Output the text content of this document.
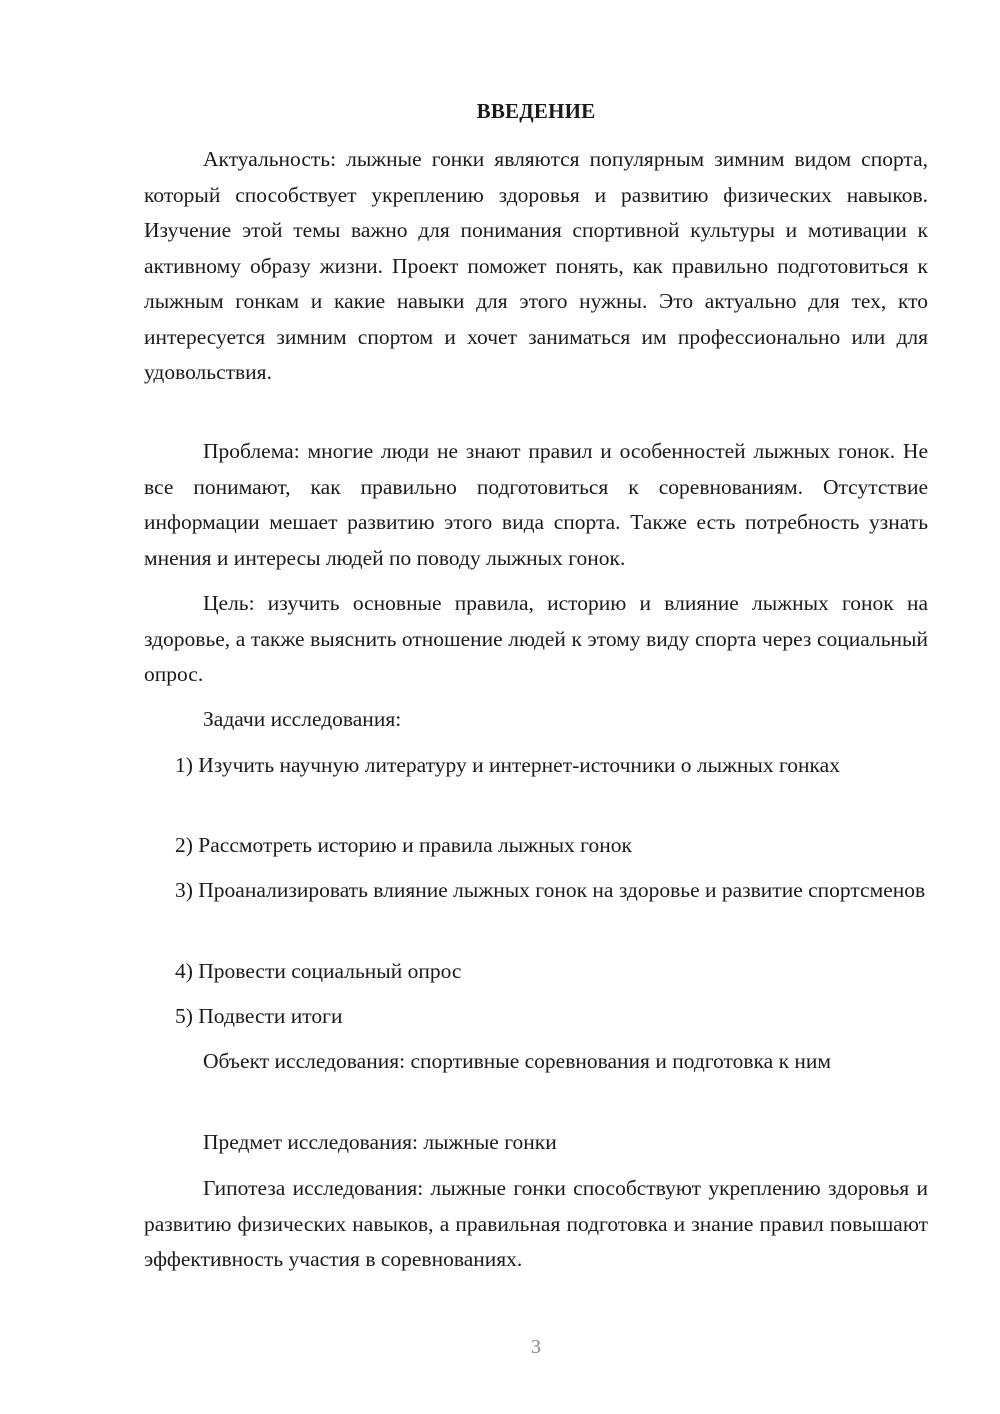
ВВЕДЕНИЕ

Актуальность: лыжные гонки являются популярным зимним видом спорта, который способствует укреплению здоровья и развитию физических навыков. Изучение этой темы важно для понимания спортивной культуры и мотивации к активному образу жизни. Проект поможет понять, как правильно подготовиться к лыжным гонкам и какие навыки для этого нужны. Это актуально для тех, кто интересуется зимним спортом и хочет заниматься им профессионально или для удовольствия.

Проблема: многие люди не знают правил и особенностей лыжных гонок. Не все понимают, как правильно подготовиться к соревнованиям. Отсутствие информации мешает развитию этого вида спорта. Также есть потребность узнать мнения и интересы людей по поводу лыжных гонок.

Цель: изучить основные правила, историю и влияние лыжных гонок на здоровье, а также выяснить отношение людей к этому виду спорта через социальный опрос.

Задачи исследования:

1) Изучить научную литературу и интернет-источники о лыжных гонках

2) Рассмотреть историю и правила лыжных гонок

3) Проанализировать влияние лыжных гонок на здоровье и развитие спортсменов

4) Провести социальный опрос

5) Подвести итоги

Объект исследования: спортивные соревнования и подготовка к ним

Предмет исследования: лыжные гонки

Гипотеза исследования: лыжные гонки способствуют укреплению здоровья и развитию физических навыков, а правильная подготовка и знание правил повышают эффективность участия в соревнованиях.

3
